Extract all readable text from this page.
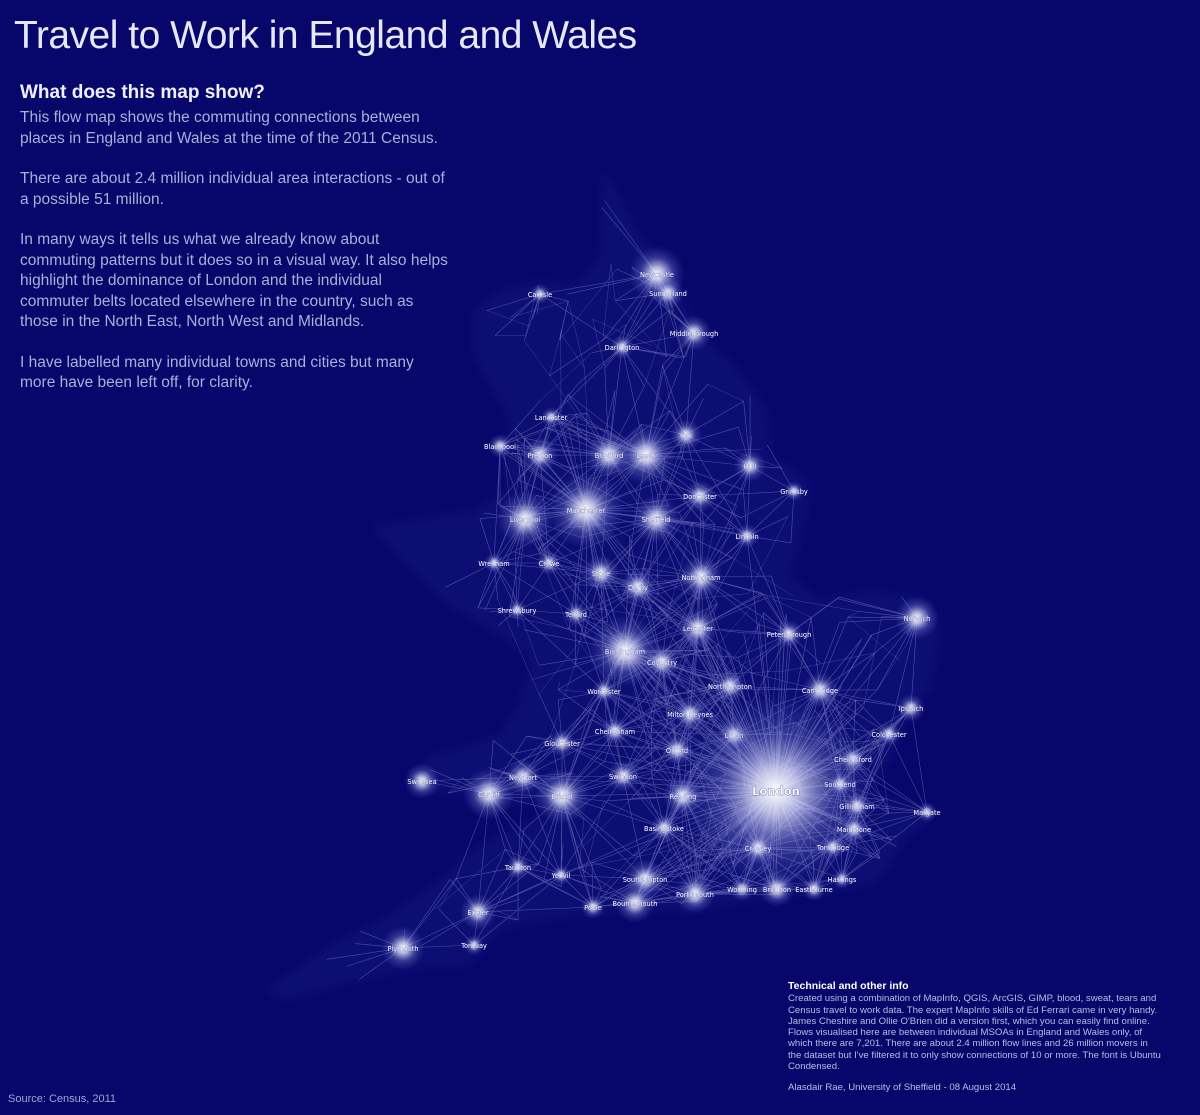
Travel to Work in England and Wales
What does this map show?

This flow map shows the commuting connections between places in England and Wales at the time of the 2011 Census.

There are about 2.4 million individual area interactions - out of a possible 51 million.

In many ways it tells us what we already know about commuting patterns but it does so in a visual way. It also helps highlight the dominance of London and the individual commuter belts located elsewhere in the country, such as those in the North East, North West and Midlands.

I have labelled many individual towns and cities but many more have been left off, for clarity.

Newcastle
Sunderland
Carlisle
Middlesbrough
Darlington
Lancaster
York
Blackpool
Preston	Bradford Leeds
Hull
Grimsby
Doncaster
Liverpool
Manchester
Sheffield
Lincoln
Wrexham	Crewe
Stoke
Derby
Nottingham
Shrewsbury	Telford	Norwich
Leicester
Peterborough
Birmingham
Coventry
Worcester
Northampton	Cambridge
Ipswich
Milton Keynes
Cheltenham	Luton	Colchester
Gloucester
Oxford
Chelmsford
Swansea	Newport	Swindon
London	Southend
Cardiff	Bristol	Reading
Gillingham
Margate
Basingstoke	Maidstone
Crawley	Tonbridge
Taunton
Yeovil	Southampton	Hastings
Worthing Brighton Eastbourne
Portsmouth
Bournemouth
Poole
Exeter
Plymouth	Torquay
Technical and other info

Created using a combination of MapInfo, QGIS, ArcGIS, GIMP, blood, sweat, tears and Census travel to work data. The expert MapInfo skills of Ed Ferrari came in very handy. James Cheshire and Ollie O'Brien did a version first, which you can easily find online. Flows visualised here are between individual MSOAs in England and Wales only, of which there are 7,201. There are about 2.4 million flow lines and 26 million movers in the dataset but I've filtered it to only show connections of 10 or more. The font is Ubuntu Condensed.

Alasdair Rae, University of Sheffield - 08 August 2014

Source: Census, 2011
